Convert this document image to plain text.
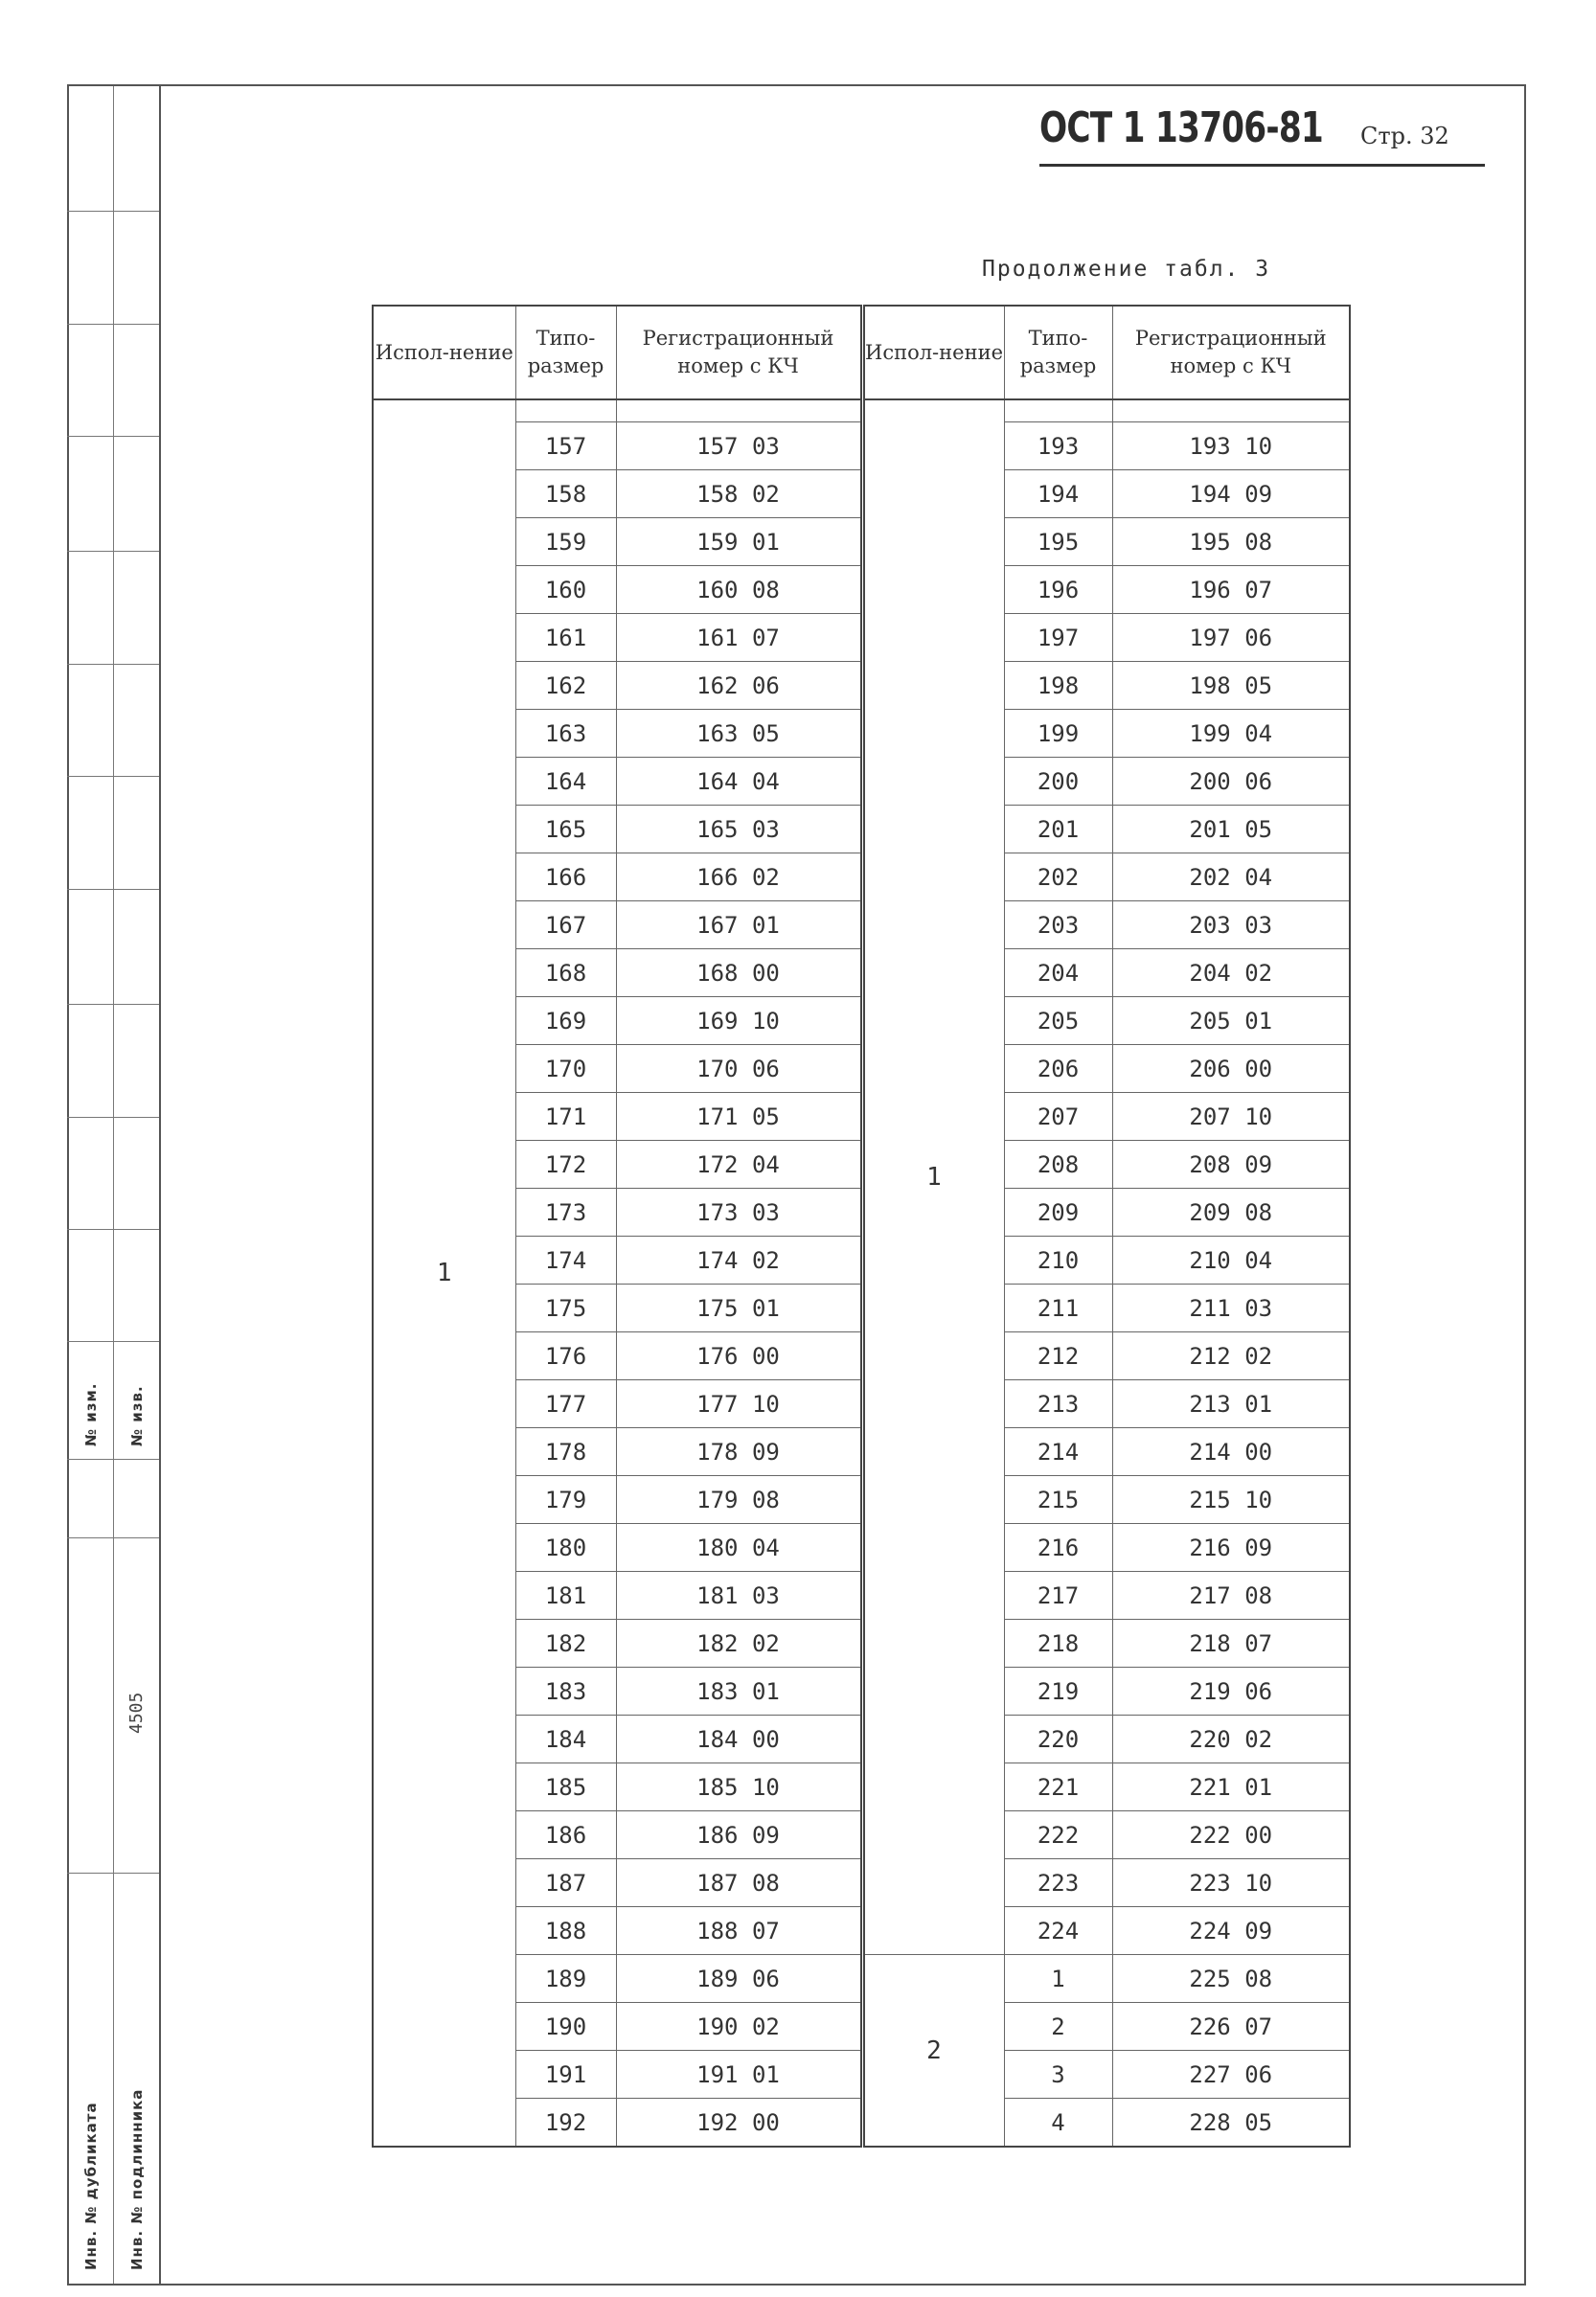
№ изм. № изв.
4505
Инв. № дубликата Инв. № подлинника
ОСТ 1 13706-81 Стр. 32
Продолжение табл. 3
Испол-нение	Типо-размер	Регистрационный номер с КЧ	Испол-нение	Типо-размер	Регистрационный номер с КЧ
1			1		
	157	157 03		193	193 10
	158	158 02		194	194 09
	159	159 01		195	195 08
	160	160 08		196	196 07
	161	161 07		197	197 06
	162	162 06		198	198 05
	163	163 05		199	199 04
	164	164 04		200	200 06
	165	165 03		201	201 05
	166	166 02		202	202 04
	167	167 01		203	203 03
	168	168 00		204	204 02
	169	169 10		205	205 01
	170	170 06		206	206 00
	171	171 05		207	207 10
	172	172 04		208	208 09
	173	173 03		209	209 08
	174	174 02		210	210 04
	175	175 01		211	211 03
	176	176 00		212	212 02
	177	177 10		213	213 01
	178	178 09		214	214 00
	179	179 08		215	215 10
	180	180 04		216	216 09
	181	181 03		217	217 08
	182	182 02		218	218 07
	183	183 01		219	219 06
	184	184 00		220	220 02
	185	185 10		221	221 01
	186	186 09		222	222 00
	187	187 08		223	223 10
	188	188 07		224	224 09
	189	189 06	2	1	225 08
	190	190 02		2	226 07
	191	191 01		3	227 06
	192	192 00		4	228 05
